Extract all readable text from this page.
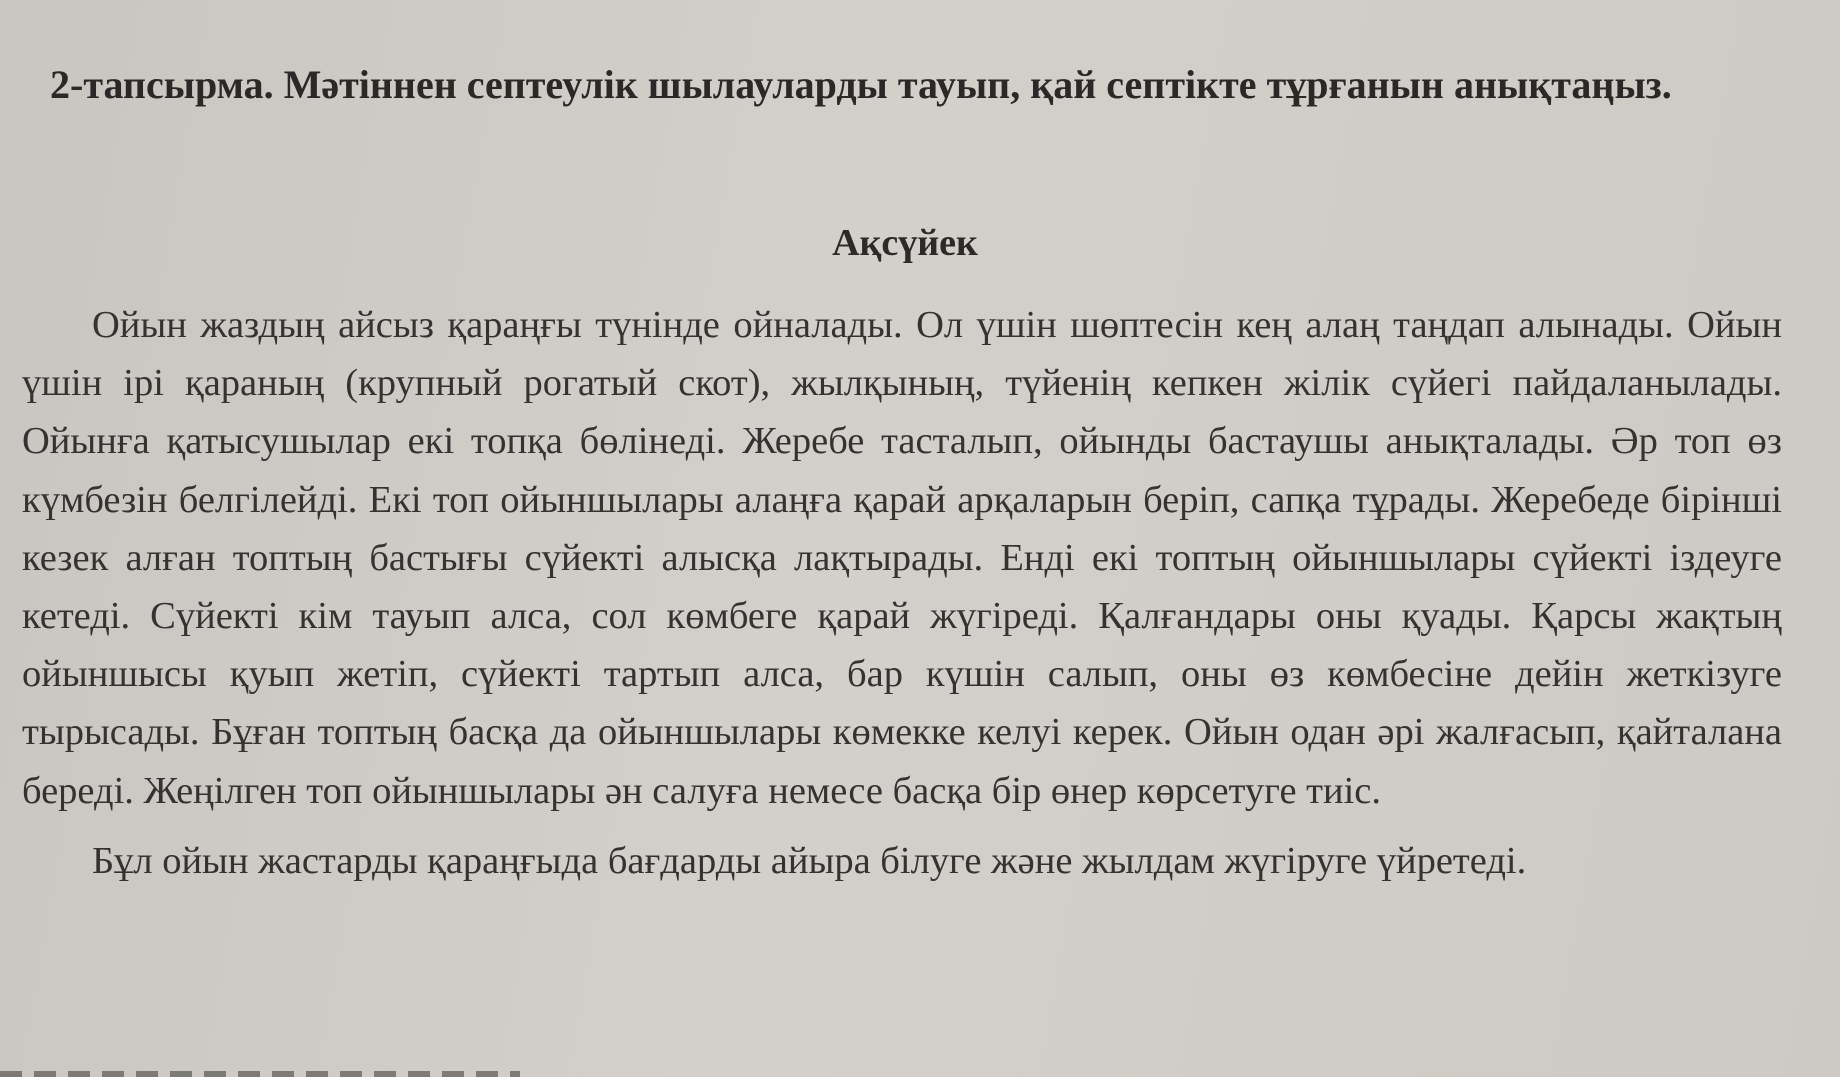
2-тапсырма. Мәтіннен септеулік шылауларды тауып, қай септікте тұрғанын анықтаңыз.
Ақсүйек

Ойын жаздың айсыз қараңғы түнінде ойналады. Ол үшін шөптесін кең алаң таңдап алынады. Ойын үшін ірі қараның (крупный рогатый скот), жылқының, түйенің кепкен жілік сүйегі пайдаланылады. Ойынға қатысушылар екі топқа бөлінеді. Жеребе тасталып, ойынды бастаушы анықталады. Әр топ өз күмбезін белгілейді. Екі топ ойыншылары алаңға қарай арқаларын беріп, сапқа тұрады. Жеребеде бірінші кезек алған топтың бастығы сүйекті алысқа лақтырады. Енді екі топтың ойыншылары сүйекті іздеуге кетеді. Сүйекті кім тауып алса, сол көмбеге қарай жүгіреді. Қалғандары оны қуады. Қарсы жақтың ойыншысы қуып жетіп, сүйекті тартып алса, бар күшін салып, оны өз көмбесіне дейін жеткізуге тырысады. Бұған топтың басқа да ойыншылары көмекке келуі керек. Ойын одан әрі жалғасып, қайталана береді. Жеңілген топ ойыншылары ән салуға немесе басқа бір өнер көрсетуге тиіс.

Бұл ойын жастарды қараңғыда бағдарды айыра білуге және жылдам жүгіруге үйретеді.
